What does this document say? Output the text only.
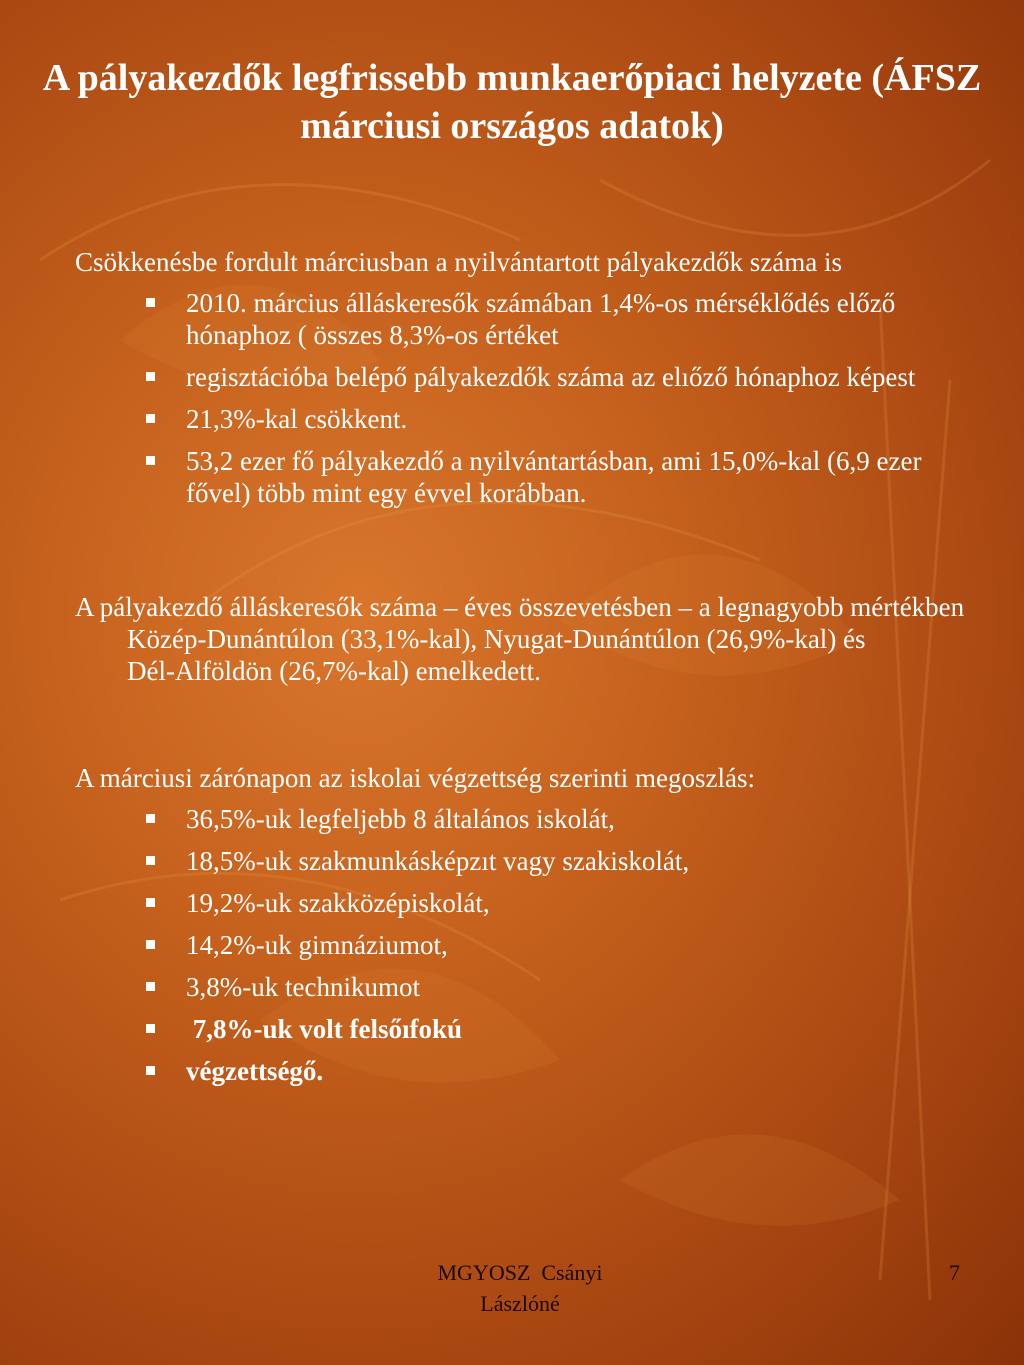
A pályakezdők legfrissebb munkaerőpiaci helyzete (ÁFSZ márciusi országos adatok)

Csökkenésbe fordult márciusban a nyilvántartott pályakezdők száma is

2010. március álláskeresők számában 1,4%-os mérséklődés előző hónaphoz ( összes 8,3%-os értéket
regisztációba belépő pályakezdők száma az elıőző hónaphoz képest
21,3%-kal csökkent.
53,2 ezer fő pályakezdő a nyilvántartásban, ami 15,0%-kal (6,9 ezer fővel) több mint egy évvel korábban.

A pályakezdő álláskeresők száma – éves összevetésben – a legnagyobb mértékben Közép-Dunántúlon (33,1%-kal), Nyugat-Dunántúlon (26,9%-kal) és            Dél-Alföldön (26,7%-kal) emelkedett.

A márciusi zárónapon az iskolai végzettség szerinti megoszlás:

36,5%-uk legfeljebb 8 általános iskolát,
18,5%-uk szakmunkásképzıt vagy szakiskolát,
19,2%-uk szakközépiskolát,
14,2%-uk gimnáziumot,
3,8%-uk technikumot
7,8%-uk volt felsőıfokú
végzettségő.
MGYOSZ  Csányi
Lászlóné
7
